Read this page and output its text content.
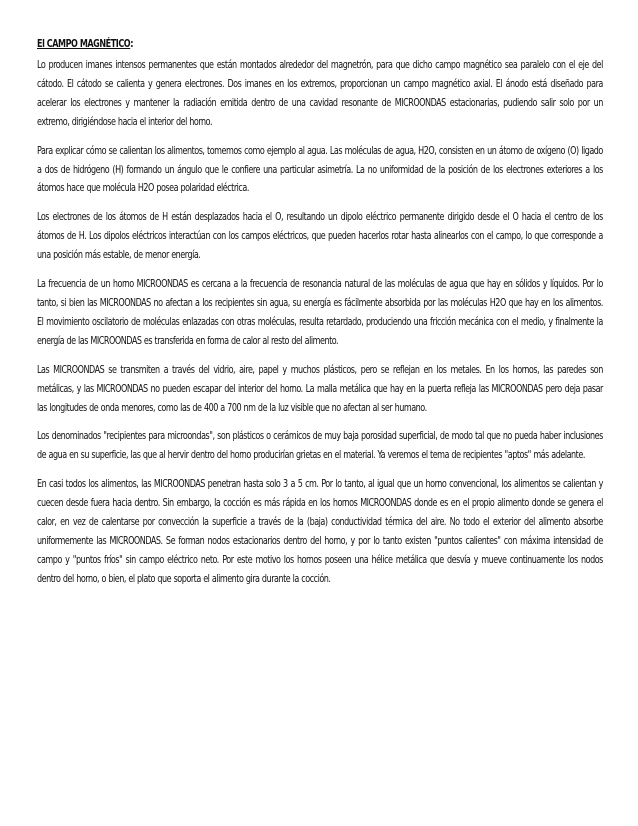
El CAMPO MAGNÉTICO:

Lo producen imanes intensos permanentes que están montados alrededor del magnetrón, para que dicho campo magnético sea paralelo con el eje del cátodo. El cátodo se calienta y genera electrones. Dos imanes en los extremos, proporcionan un campo magnético axial. El ánodo está diseñado para acelerar los electrones y mantener la radiación emitida dentro de una cavidad resonante de MICROONDAS estacionarias, pudiendo salir solo por un extremo, dirigiéndose hacia el interior del horno.

Para explicar cómo se calientan los alimentos, tomemos como ejemplo al agua. Las moléculas de agua, H2O, consisten en un átomo de oxígeno (O) ligado a dos de hidrógeno (H) formando un ángulo que le confiere una particular asimetría. La no uniformidad de la posición de los electrones exteriores a los átomos hace que molécula H2O posea polaridad eléctrica.

Los electrones de los átomos de H están desplazados hacia el O, resultando un dipolo eléctrico permanente dirigido desde el O hacia el centro de los átomos de H. Los dipolos eléctricos interactúan con los campos eléctricos, que pueden hacerlos rotar hasta alinearlos con el campo, lo que corresponde a una posición más estable, de menor energía.

La frecuencia de un horno MICROONDAS es cercana a la frecuencia de resonancia natural de las moléculas de agua que hay en sólidos y líquidos. Por lo tanto, si bien las MICROONDAS no afectan a los recipientes sin agua, su energía es fácilmente absorbida por las moléculas H2O que hay en los alimentos. El movimiento oscilatorio de moléculas enlazadas con otras moléculas, resulta retardado, produciendo una fricción mecánica con el medio, y finalmente la energía de las MICROONDAS es transferida en forma de calor al resto del alimento.

Las MICROONDAS se transmiten a través del vidrio, aire, papel y muchos plásticos, pero se reflejan en los metales. En los hornos, las paredes son metálicas, y las MICROONDAS no pueden escapar del interior del horno. La malla metálica que hay en la puerta refleja las MICROONDAS pero deja pasar las longitudes de onda menores, como las de 400 a 700 nm de la luz visible que no afectan al ser humano.

Los denominados "recipientes para microondas", son plásticos o cerámicos de muy baja porosidad superficial, de modo tal que no pueda haber inclusiones de agua en su superficie, las que al hervir dentro del horno producirían grietas en el material. Ya veremos el tema de recipientes "aptos" más adelante.

En casi todos los alimentos, las MICROONDAS penetran hasta solo 3 a 5 cm. Por lo tanto, al igual que un horno convencional, los alimentos se calientan y cuecen desde fuera hacia dentro. Sin embargo, la cocción es más rápida en los hornos MICROONDAS donde es en el propio alimento donde se genera el calor, en vez de calentarse por convección la superficie a través de la (baja) conductividad térmica del aire. No todo el exterior del alimento absorbe uniformemente las MICROONDAS. Se forman nodos estacionarios dentro del horno, y por lo tanto existen "puntos calientes" con máxima intensidad de campo y "puntos fríos" sin campo eléctrico neto. Por este motivo los hornos poseen una hélice metálica que desvía y mueve continuamente los nodos dentro del horno, o bien, el plato que soporta el alimento gira durante la cocción.
